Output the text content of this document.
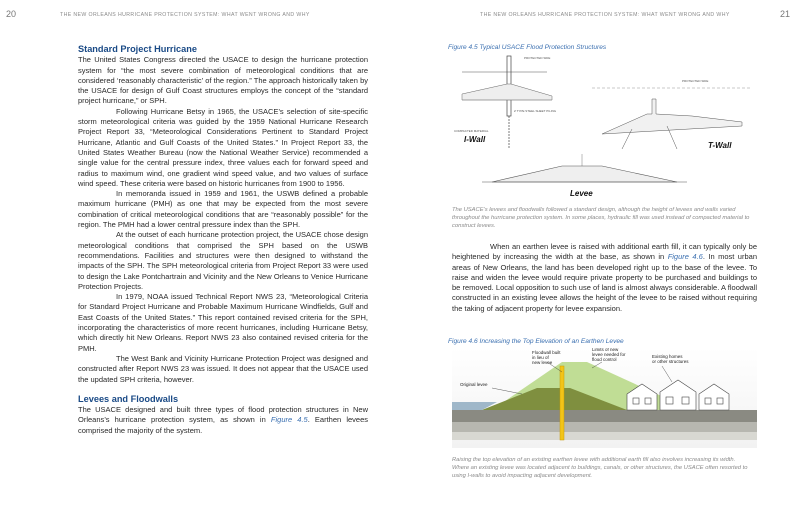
20	THE NEW ORLEANS HURRICANE PROTECTION SYSTEM: WHAT WENT WRONG AND WHY
Standard Project Hurricane

The United States Congress directed the USACE to design the hurricane protection system for “the most severe combination of meteorological conditions that are considered ‘reasonably characteristic’ of the region.” The approach historically taken by the USACE for design of Gulf Coast structures employs the concept of the “standard project hurricane,” or SPH.

Following Hurricane Betsy in 1965, the USACE’s selection of site-specific storm meteorological criteria was guided by the 1959 National Hurricane Research Project Report 33, “Meteorological Considerations Pertinent to Standard Project Hurricane, Atlantic and Gulf Coasts of the United States.” In Project Report 33, the United States Weather Bureau (now the National Weather Service) recommended a single value for the central pressure index, three values each for forward speed and radius to maximum wind, one gradient wind speed value, and two values of surface wind speed. These criteria were based on historic hurricanes from 1900 to 1956.

In memoranda issued in 1959 and 1961, the USWB defined a probable maximum hurricane (PMH) as one that may be expected from the most severe combination of critical meteorological conditions that are “reasonably possible” for the region. The PMH had a lower central pressure index than the SPH.

At the outset of each hurricane protection project, the USACE chose design meteorological conditions that comprised the SPH based on the USWB recommendations. Facilities and structures were then designed to withstand the impacts of the SPH. The SPH meteorological criteria from Project Report 33 were used to design the Lake Pontchartrain and Vicinity and the New Orleans to Venice Hurricane Protection Projects.

In 1979, NOAA issued Technical Report NWS 23, “Meteorological Criteria for Standard Project Hurricane and Probable Maximum Hurricane Windfields, Gulf and East Coasts of the United States.” This report contained revised criteria for the SPH, incorporating the characteristics of more recent hurricanes, including Hurricane Betsy, which directly hit New Orleans. Report NWS 23 also contained revised criteria for the PMH.

The West Bank and Vicinity Hurricane Protection Project was designed and constructed after Report NWS 23 was issued. It does not appear that the USACE used the updated SPH criteria, however.

Levees and Floodwalls

The USACE designed and built three types of flood protection structures in New Orleans’s hurricane protection system, as shown in Figure 4.5. Earthen levees comprised the majority of the system.

THE NEW ORLEANS HURRICANE PROTECTION SYSTEM: WHAT WENT WRONG AND WHY	21
Figure 4.5 Typical USACE Flood Protection Structures
Z TYPE STEEL SHEET PILING
COMPACTED MATERIAL
PROTECTED SIDE
I-Wall
PROTECTED SIDE
T-Wall
Levee
The USACE’s levees and floodwalls followed a standard design, although the height of levees and walls varied throughout the hurricane protection system. In some places, hydraulic fill was used instead of compacted material to construct levees.

When an earthen levee is raised with additional earth fill, it can typically only be heightened by increasing the width at the base, as shown in Figure 4.6. In most urban areas of New Orleans, the land has been developed right up to the base of the levee. To raise and widen the levee would require private property to be purchased and buildings to be removed. Local opposition to such use of land is almost always considerable. A floodwall constructed in an existing levee allows the height of the levee to be raised without requiring the taking of adjacent property for levee expansion.

Figure 4.6 Increasing the Top Elevation of an Earthen Levee
Original levee
Floodwall built in lieu of new levee
Limits of new levee needed for flood control
Existing homes or other structures
Raising the top elevation of an existing earthen levee with additional earth fill also involves increasing its width. Where an existing levee was located adjacent to buildings, canals, or other structures, the USACE often resorted to using I-walls to avoid impacting adjacent development.
